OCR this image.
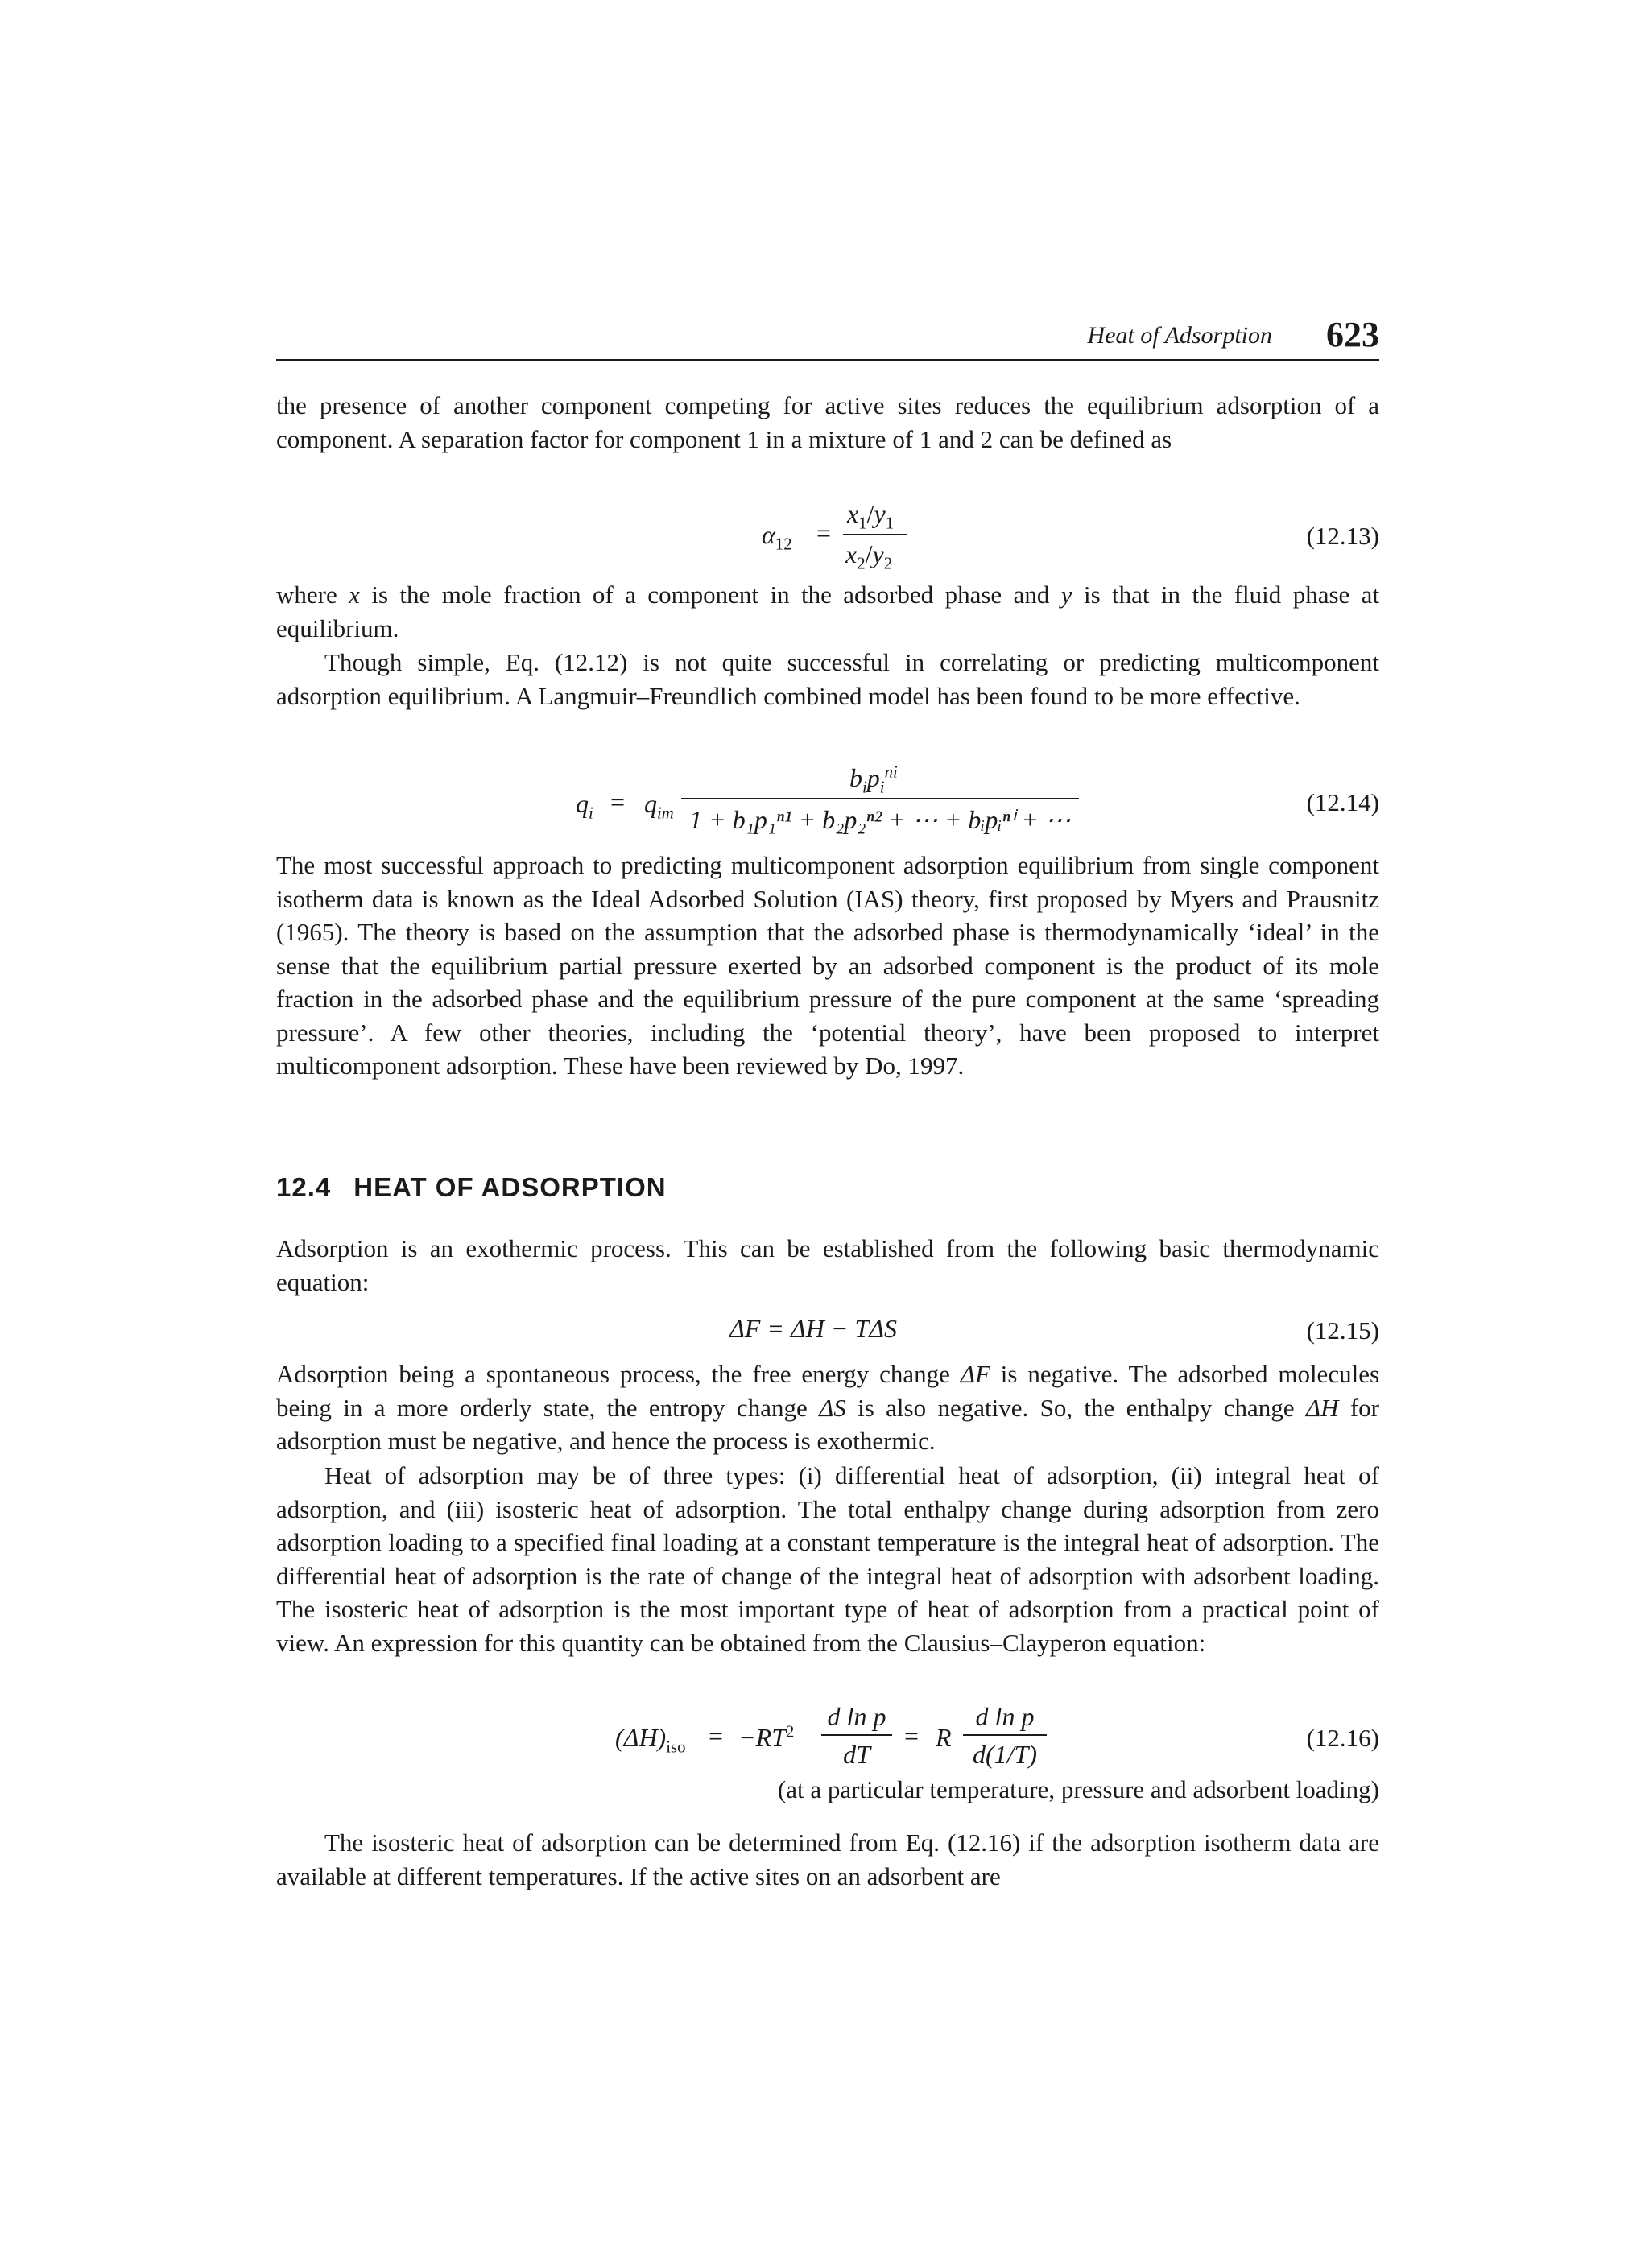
Heat of Adsorption 623

the presence of another component competing for active sites reduces the equilibrium adsorption of a component. A separation factor for component 1 in a mixture of 1 and 2 can be defined as

$\alpha_{12}$ =
$x_1/y_1$
$x_2/y_2$
(12.13)

where x is the mole fraction of a component in the adsorbed phase and y is that in the fluid phase at equilibrium.

Though simple, Eq. (12.12) is not quite successful in correlating or predicting multicomponent adsorption equilibrium. A Langmuir–Freundlich combined model has been found to be more effective.

$q_i = q_{im}$
$b_ip_i^{ni}$
1 + b₁p₁ⁿ¹ + b₂p₂ⁿ² + ⋯ + bᵢpᵢⁿⁱ + ⋯
(12.14)

The most successful approach to predicting multicomponent adsorption equilibrium from single component isotherm data is known as the Ideal Adsorbed Solution (IAS) theory, first proposed by Myers and Prausnitz (1965). The theory is based on the assumption that the adsorbed phase is thermodynamically ‘ideal’ in the sense that the equilibrium partial pressure exerted by an adsorbed component is the product of its mole fraction in the adsorbed phase and the equilibrium pressure of the pure component at the same ‘spreading pressure’. A few other theories, including the ‘potential theory’, have been proposed to interpret multicomponent adsorption. These have been reviewed by Do, 1997.

12.4 HEAT OF ADSORPTION

Adsorption is an exothermic process. This can be established from the following basic thermodynamic equation:

ΔF = ΔH − TΔS	(12.15)

Adsorption being a spontaneous process, the free energy change ΔF is negative. The adsorbed molecules being in a more orderly state, the entropy change ΔS is also negative. So, the enthalpy change ΔH for adsorption must be negative, and hence the process is exothermic.

Heat of adsorption may be of three types: (i) differential heat of adsorption, (ii) integral heat of adsorption, and (iii) isosteric heat of adsorption. The total enthalpy change during adsorption from zero adsorption loading to a specified final loading at a constant temperature is the integral heat of adsorption. The differential heat of adsorption is the rate of change of the integral heat of adsorption with adsorbent loading. The isosteric heat of adsorption is the most important type of heat of adsorption from a practical point of view. An expression for this quantity can be obtained from the Clausius–Clayperon equation:

$(\Delta H)_{iso} = -RT^2$
d ln p
dT
= R
d ln p
d(1/T)
(12.16)
(at a particular temperature, pressure and adsorbent loading)

The isosteric heat of adsorption can be determined from Eq. (12.16) if the adsorption isotherm data are available at different temperatures. If the active sites on an adsorbent are
